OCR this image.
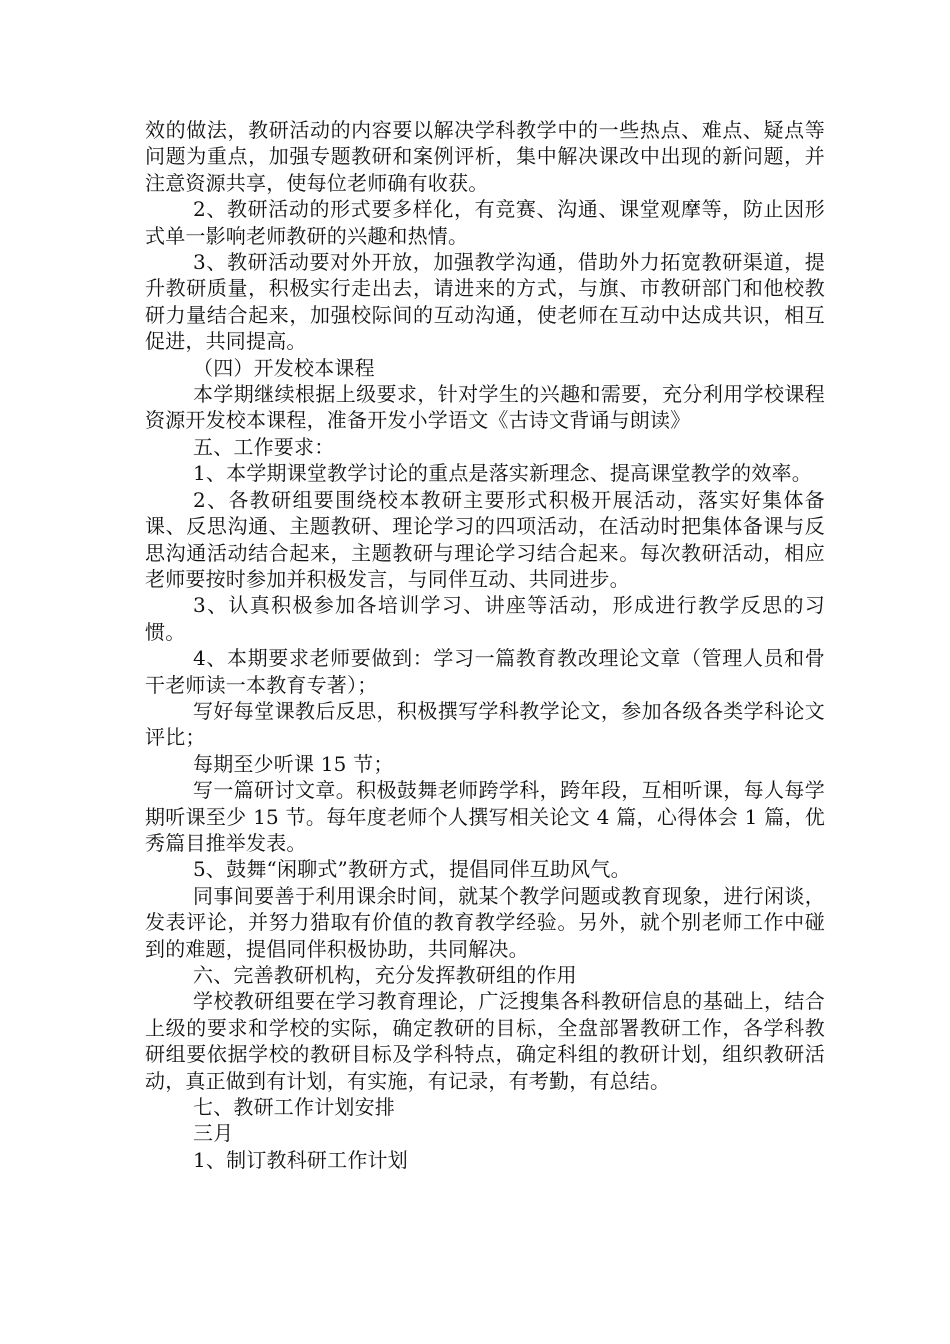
效的做法，教研活动的内容要以解决学科教学中的一些热点、难点、疑点等问题为重点，加强专题教研和案例评析，集中解决课改中出现的新问题，并注意资源共享，使每位老师确有收获。

2、教研活动的形式要多样化，有竞赛、沟通、课堂观摩等，防止因形式单一影响老师教研的兴趣和热情。

3、教研活动要对外开放，加强教学沟通，借助外力拓宽教研渠道，提升教研质量，积极实行走出去，请进来的方式，与旗、市教研部门和他校教研力量结合起来，加强校际间的互动沟通，使老师在互动中达成共识，相互促进，共同提高。

（四）开发校本课程

本学期继续根据上级要求，针对学生的兴趣和需要，充分利用学校课程资源开发校本课程，准备开发小学语文《古诗文背诵与朗读》

五、工作要求：

1、本学期课堂教学讨论的重点是落实新理念、提高课堂教学的效率。

2、各教研组要围绕校本教研主要形式积极开展活动，落实好集体备课、反思沟通、主题教研、理论学习的四项活动，在活动时把集体备课与反思沟通活动结合起来，主题教研与理论学习结合起来。每次教研活动，相应老师要按时参加并积极发言，与同伴互动、共同进步。

3、认真积极参加各培训学习、讲座等活动，形成进行教学反思的习惯。

4、本期要求老师要做到：学习一篇教育教改理论文章（管理人员和骨干老师读一本教育专著）；

写好每堂课教后反思，积极撰写学科教学论文，参加各级各类学科论文评比；

每期至少听课 15 节；

写一篇研讨文章。积极鼓舞老师跨学科，跨年段，互相听课，每人每学期听课至少 15 节。每年度老师个人撰写相关论文 4 篇，心得体会 1 篇，优秀篇目推举发表。

5、鼓舞“闲聊式”教研方式，提倡同伴互助风气。

同事间要善于利用课余时间，就某个教学问题或教育现象，进行闲谈，发表评论，并努力猎取有价值的教育教学经验。另外，就个别老师工作中碰到的难题，提倡同伴积极协助，共同解决。

六、完善教研机构，充分发挥教研组的作用

学校教研组要在学习教育理论，广泛搜集各科教研信息的基础上，结合上级的要求和学校的实际，确定教研的目标，全盘部署教研工作，各学科教研组要依据学校的教研目标及学科特点，确定科组的教研计划，组织教研活动，真正做到有计划，有实施，有记录，有考勤，有总结。

七、教研工作计划安排

三月

1、制订教科研工作计划
